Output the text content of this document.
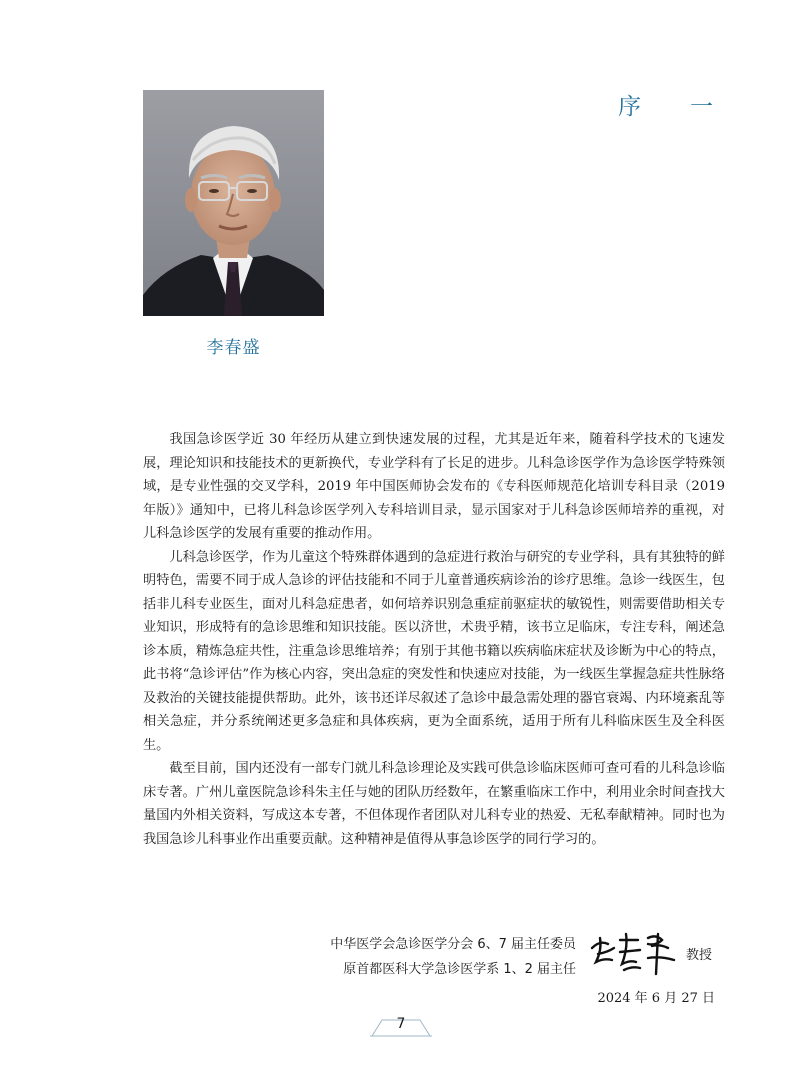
序 一
李春盛

我国急诊医学近 30 年经历从建立到快速发展的过程，尤其是近年来，随着科学技术的飞速发展，理论知识和技能技术的更新换代，专业学科有了长足的进步。儿科急诊医学作为急诊医学特殊领域，是专业性强的交叉学科，2019 年中国医师协会发布的《专科医师规范化培训专科目录（2019 年版）》通知中，已将儿科急诊医学列入专科培训目录，显示国家对于儿科急诊医师培养的重视，对儿科急诊医学的发展有重要的推动作用。

儿科急诊医学，作为儿童这个特殊群体遇到的急症进行救治与研究的专业学科，具有其独特的鲜明特色，需要不同于成人急诊的评估技能和不同于儿童普通疾病诊治的诊疗思维。急诊一线医生，包括非儿科专业医生，面对儿科急症患者，如何培养识别急重症前驱症状的敏锐性，则需要借助相关专业知识，形成特有的急诊思维和知识技能。医以济世，术贵乎精，该书立足临床，专注专科，阐述急诊本质，精炼急症共性，注重急诊思维培养；有别于其他书籍以疾病临床症状及诊断为中心的特点，此书将“急诊评估”作为核心内容，突出急症的突发性和快速应对技能，为一线医生掌握急症共性脉络及救治的关键技能提供帮助。此外，该书还详尽叙述了急诊中最急需处理的器官衰竭、内环境紊乱等相关急症，并分系统阐述更多急症和具体疾病，更为全面系统，适用于所有儿科临床医生及全科医生。

截至目前，国内还没有一部专门就儿科急诊理论及实践可供急诊临床医师可查可看的儿科急诊临床专著。广州儿童医院急诊科朱主任与她的团队历经数年，在繁重临床工作中，利用业余时间查找大量国内外相关资料，写成这本专著，不但体现作者团队对儿科专业的热爱、无私奉献精神。同时也为我国急诊儿科事业作出重要贡献。这种精神是值得从事急诊医学的同行学习的。

中华医学会急诊医学分会 6、7 届主任委员
原首都医科大学急诊医学系 1、2 届主任
教授
2024 年 6 月 27 日
7
